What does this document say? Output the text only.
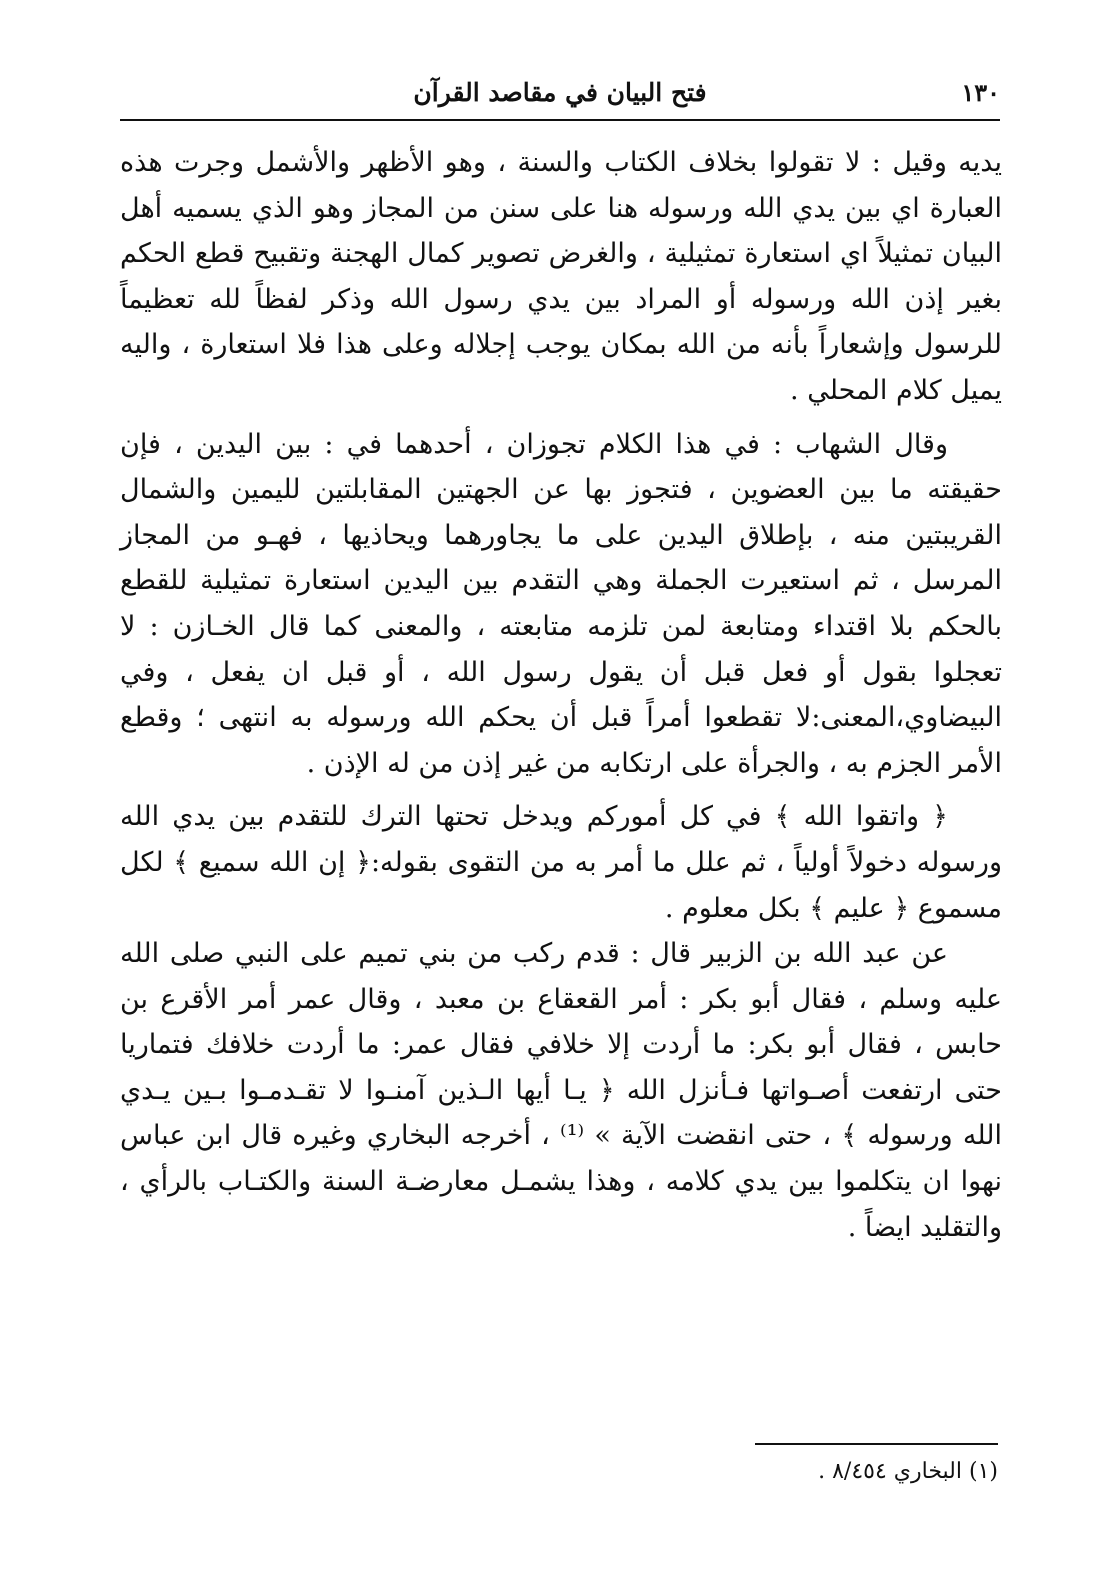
١٣٠
فتح البيان في مقاصد القرآن

يديه وقيل : لا تقولوا بخلاف الكتاب والسنة ، وهو الأظهر والأشمل وجرت هذه العبارة اي بين يدي الله ورسوله هنا على سنن من المجاز وهو الذي يسميه أهل البيان تمثيلاً اي استعارة تمثيلية ، والغرض تصوير كمال الهجنة وتقبيح قطع الحكم بغير إذن الله ورسوله أو المراد بين يدي رسول الله وذكر لفظاً لله تعظيماً للرسول وإشعاراً بأنه من الله بمكان يوجب إجلاله وعلى هذا فلا استعارة ، واليه يميل كلام المحلي .

وقال الشهاب : في هذا الكلام تجوزان ، أحدهما في : بين اليدين ، فإن حقيقته ما بين العضوين ، فتجوز بها عن الجهتين المقابلتين لليمين والشمال القريبتين منه ، بإطلاق اليدين على ما يجاورهما ويحاذيها ، فهـو من المجاز المرسل ، ثم استعيرت الجملة وهي التقدم بين اليدين استعارة تمثيلية للقطع بالحكم بلا اقتداء ومتابعة لمن تلزمه متابعته ، والمعنى كما قال الخـازن : لا تعجلوا بقول أو فعل قبل أن يقول رسول الله ، أو قبل ان يفعل ، وفي البيضاوي،المعنى:لا تقطعوا أمراً قبل أن يحكم الله ورسوله به انتهى ؛ وقطع الأمر الجزم به ، والجرأة على ارتكابه من غير إذن من له الإذن .

﴿ واتقوا الله ﴾ في كل أموركم ويدخل تحتها الترك للتقدم بين يدي الله ورسوله دخولاً أولياً ، ثم علل ما أمر به من التقوى بقوله:﴿ إن الله سميع ﴾ لكل مسموع ﴿ عليم ﴾ بكل معلوم .

عن عبد الله بن الزبير قال : قدم ركب من بني تميم على النبي صلى الله عليه وسلم ، فقال أبو بكر : أمر القعقاع بن معبد ، وقال عمر أمر الأقرع بن حابس ، فقال أبو بكر: ما أردت إلا خلافي فقال عمر: ما أردت خلافك فتماريا حتى ارتفعت أصـواتها فـأنزل الله ﴿ يـا أيها الـذين آمنـوا لا تقـدمـوا بـين يـدي الله ورسوله ﴾ ، حتى انقضت الآية » ⁽¹⁾ ، أخرجه البخاري وغيره قال ابن عباس نهوا ان يتكلموا بين يدي كلامه ، وهذا يشمـل معارضـة السنة والكتـاب بالرأي ، والتقليد ايضاً .

(١) البخاري ٨/٤٥٤ .
